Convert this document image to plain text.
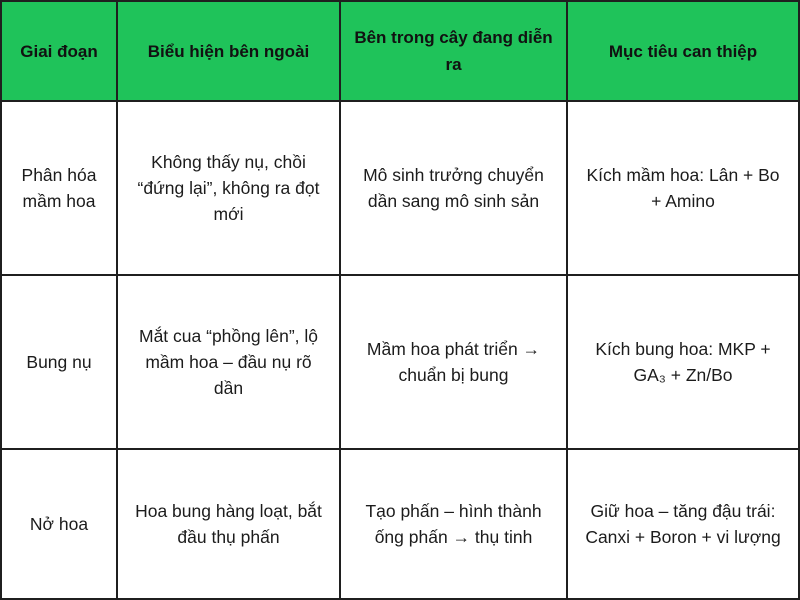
Giai đoạn	Biểu hiện bên ngoài
Bên trong cây đang diễn ra
Mục tiêu can thiệp
Phân hóa mầm hoa
Không thấy nụ, chồi “đứng lại”, không ra đọt mới
Mô sinh trưởng chuyển dần sang mô sinh sản
Kích mầm hoa: Lân + Bo + Amino
Bung nụ
Mắt cua “phồng lên”, lộ mầm hoa – đầu nụ rõ dần
Mầm hoa phát triển → chuẩn bị bung
Kích bung hoa: MKP + GA₃ + Zn/Bo
Nở hoa
Hoa bung hàng loạt, bắt đầu thụ phấn
Tạo phấn – hình thành ống phấn → thụ tinh
Giữ hoa – tăng đậu trái: Canxi + Boron + vi lượng
